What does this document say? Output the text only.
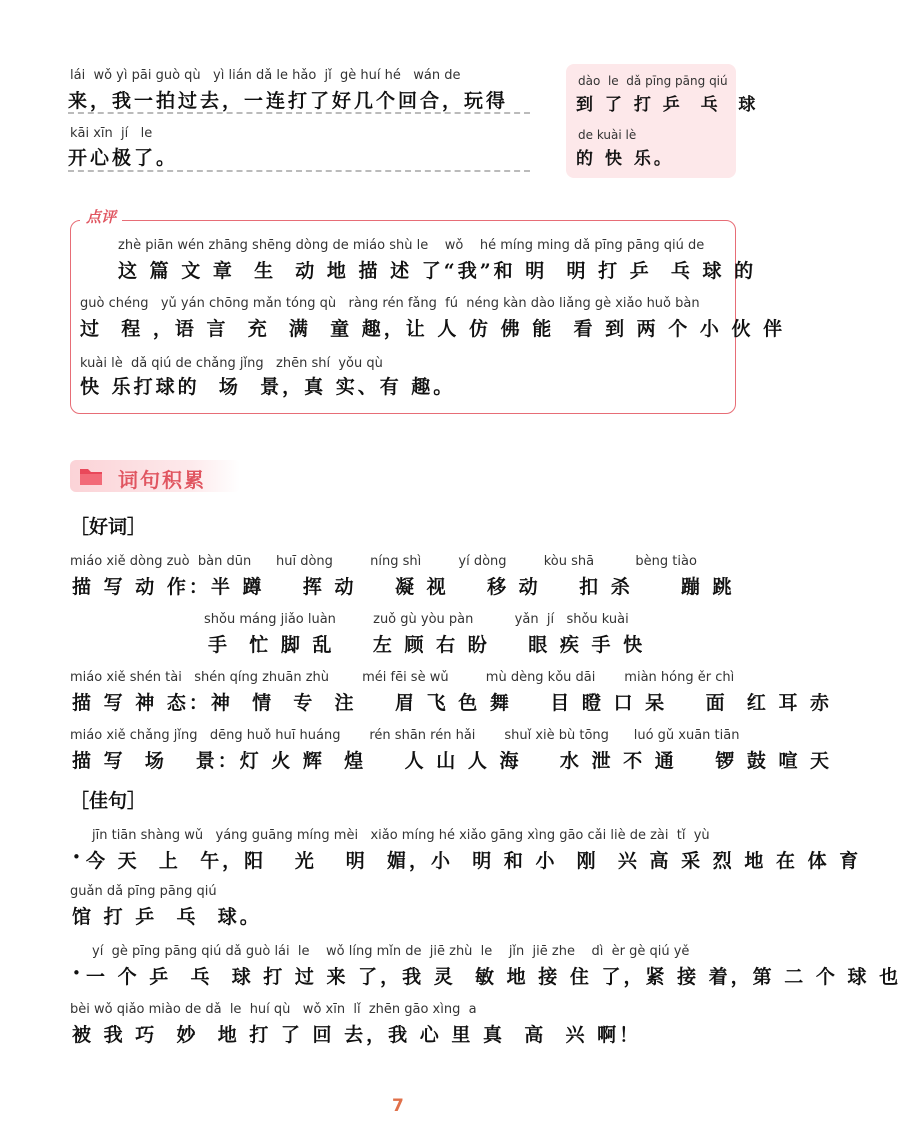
lái  wǒ yì pāi guò qù   yì lián dǎ le hǎo  jǐ  gè huí hé   wán de
来，我一拍过去，一连打了好几个回合，玩得
kāi xīn  jí   le
开心极了。
dào  le  dǎ pīng pāng qiú
到 了 打 乒  乓  球
de kuài lè
的 快 乐。
点评
zhè piān wén zhāng shēng dòng de miáo shù le    wǒ    hé míng ming dǎ pīng pāng qiú de
这 篇 文 章  生  动 地 描 述 了“我”和 明  明 打 乒  乓 球 的
guò chéng   yǔ yán chōng mǎn tóng qù   ràng rén fǎng  fú  néng kàn dào liǎng gè xiǎo huǒ bàn
过  程 ，语 言  充  满  童 趣，让 人 仿 佛 能  看 到 两 个 小 伙 伴
kuài lè  dǎ qiú de chǎng jǐng   zhēn shí  yǒu qù
快 乐打球的  场  景，真 实、有 趣。
词句积累
［好词］
miáo xiě dòng zuò  bàn dūn      huī dòng         níng shì         yí dòng         kòu shā          bèng tiào
描 写 动 作：半 蹲    挥 动    凝 视    移 动    扣 杀     蹦 跳
shǒu máng jiǎo luàn         zuǒ gù yòu pàn          yǎn  jí   shǒu kuài
手  忙 脚 乱    左 顾 右 盼    眼 疾 手 快
miáo xiě shén tài   shén qíng zhuān zhù        méi fēi sè wǔ         mù dèng kǒu dāi       miàn hóng ěr chì
描 写 神 态：神  情  专  注    眉 飞 色 舞    目 瞪 口 呆    面  红 耳 赤
miáo xiě chǎng jǐng   dēng huǒ huī huáng       rén shān rén hǎi       shuǐ xiè bù tōng      luó gǔ xuān tiān
描 写  场   景：灯 火 辉  煌    人 山 人 海    水 泄 不 通    锣 鼓 喧 天
［佳句］
jīn tiān shàng wǔ   yáng guāng míng mèi   xiǎo míng hé xiǎo gāng xìng gāo cǎi liè de zài  tǐ  yù
• 今 天  上  午，阳   光   明  媚，小  明 和 小  刚  兴 高 采 烈 地 在 体 育
guǎn dǎ pīng pāng qiú
馆 打 乒  乓  球。
yí  gè pīng pāng qiú dǎ guò lái  le    wǒ líng mǐn de  jiē zhù  le    jǐn  jiē zhe    dì  èr gè qiú yě
• 一 个 乒  乓  球 打 过 来 了，我 灵  敏 地 接 住 了，紧 接 着，第 二 个 球 也
bèi wǒ qiǎo miào de dǎ  le  huí qù   wǒ xīn  lǐ  zhēn gāo xìng  a
被 我 巧  妙  地 打 了 回 去，我 心 里 真  高  兴 啊！
7
